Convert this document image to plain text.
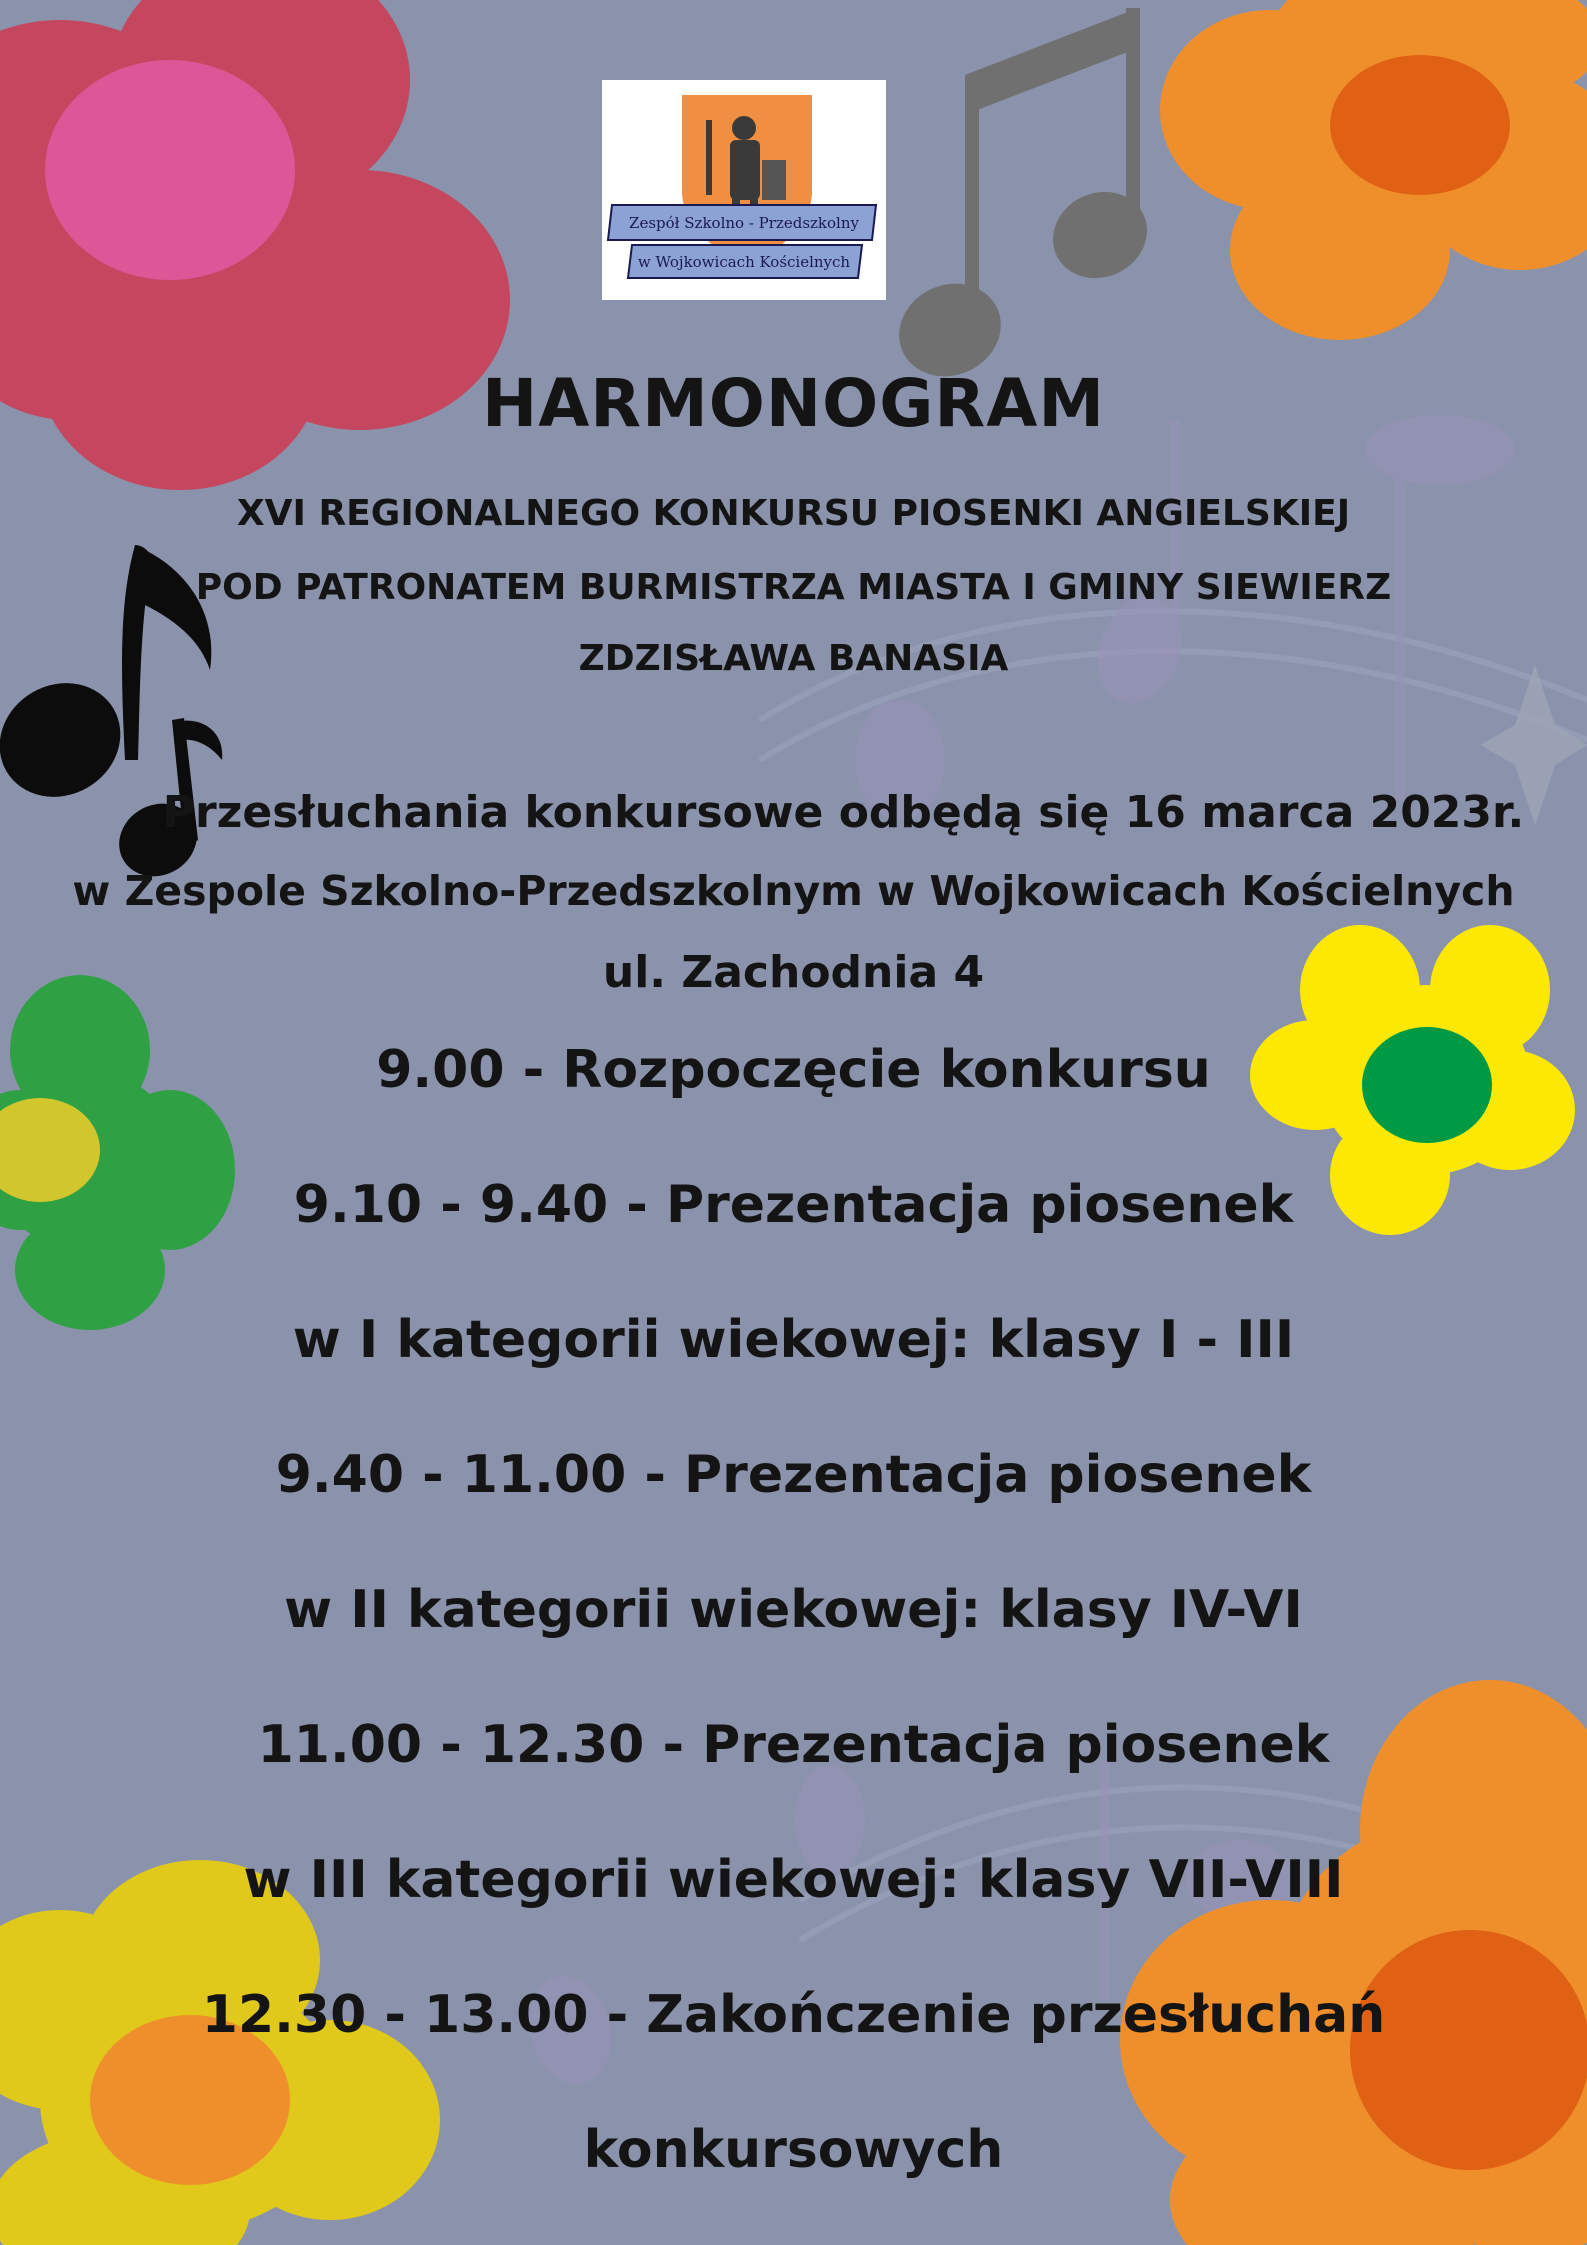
Zespół Szkolno - Przedszkolny
w Wojkowicach Kościelnych
HARMONOGRAM

XVI REGIONALNEGO KONKURSU PIOSENKI ANGIELSKIEJ

POD PATRONATEM BURMISTRZA MIASTA I GMINY SIEWIERZ

ZDZISŁAWA BANASIA

Przesłuchania konkursowe odbędą się 16 marca 2023r.

w Zespole Szkolno-Przedszkolnym w Wojkowicach Kościelnych

ul. Zachodnia 4

9.00 - Rozpoczęcie konkursu

9.10 - 9.40 - Prezentacja piosenek

w I kategorii wiekowej: klasy I - III

9.40 - 11.00 - Prezentacja piosenek

w II kategorii wiekowej: klasy IV-VI

11.00 - 12.30 - Prezentacja piosenek

w III kategorii wiekowej: klasy VII-VIII

12.30 - 13.00 - Zakończenie przesłuchań

konkursowych
